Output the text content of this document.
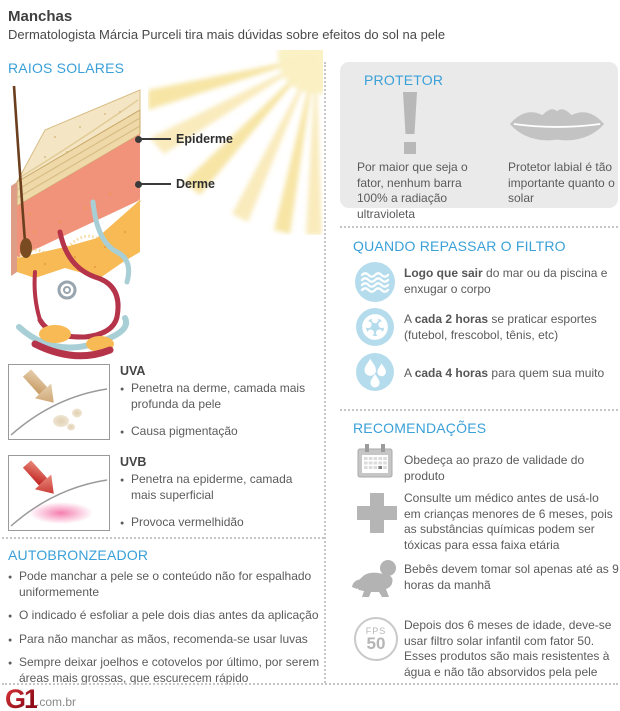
Manchas
Dermatologista Márcia Purceli tira mais dúvidas sobre efeitos do sol na pele
RAIOS SOLARES
Epiderme
Derme
UVA
● Penetra na derme, camada mais profunda da pele
● Causa pigmentação
UVB
● Penetra na epiderme, camada mais superficial
● Provoca vermelhidão
AUTOBRONZEADOR
● Pode manchar a pele se o conteúdo não for espalhado uniformemente
● O indicado é esfoliar a pele dois dias antes da aplicação
● Para não manchar as mãos, recomenda-se usar luvas
● Sempre deixar joelhos e cotovelos por último, por serem áreas mais grossas, que escurecem rápido
PROTETOR
Por maior que seja o fator, nenhum barra 100% a radiação ultravioleta
Protetor labial é tão importante quanto o solar
QUANDO REPASSAR O FILTRO
Logo que sair do mar ou da piscina e enxugar o corpo
A cada 2 horas se praticar esportes (futebol, frescobol, tênis, etc)
A cada 4 horas para quem sua muito
RECOMENDAÇÕES
Obedeça ao prazo de validade do produto
Consulte um médico antes de usá-lo em crianças menores de 6 meses, pois as substâncias químicas podem ser tóxicas para essa faixa etária
Bebês devem tomar sol apenas até as 9 horas da manhã
FPS
50
Depois dos 6 meses de idade, deve-se usar filtro solar infantil com fator 50. Esses produtos são mais resistentes à água e não tão absorvidos pela pele
G1
.com.br
